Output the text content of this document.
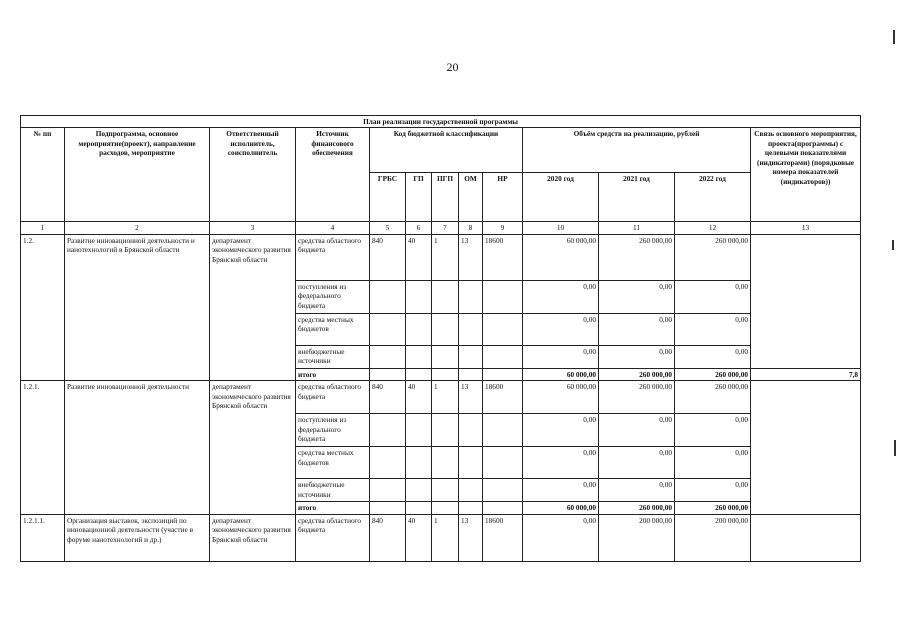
20
План реализации государственной программы												
№ пп	Подпрограмма, основное мероприятие(проект), направление расходов, мероприятие	Ответственный исполнитель, соисполнитель	Источник финансового обеспечения	Код бюджетной классификации					Объём средств на реализацию, рублей			Связь основного мероприятия, проекта(программы) с целевыми показателями (индикаторами) (порядковые номера показателей (индикаторов))
				ГРБС	ГП	ПГП	ОМ	НР	2020 год	2021 год	2022 год	
1	2	3	4	5	6	7	8	9	10	11	12	13
1.2.	Развитие инновационной деятельности и нанотехнологий в Брянской области	департамент экономического развития Брянской области	средства областного бюджета	840	40	1	13	18600	60 000,00	260 000,00	260 000,00	
			поступления из федерального бюджета						0,00	0,00	0,00	
			средства местных бюджетов						0,00	0,00	0,00	
			внебюджетные источники						0,00	0,00	0,00	
			итого						60 000,00	260 000,00	260 000,00	7,8
1.2.1.	Развитие инновационной деятельности	департамент экономического развития Брянской области	средства областного бюджета	840	40	1	13	18600	60 000,00	260 000,00	260 000,00	
			поступления из федерального бюджета						0,00	0,00	0,00	
			средства местных бюджетов						0,00	0,00	0,00	
			внебюджетные источники						0,00	0,00	0,00	
			итого						60 000,00	260 000,00	260 000,00	
1.2.1.1.	Организация выставок, экспозиций по инновационной деятельности (участие в форуме нанотехнологий и др.)	департамент экономического развития Брянской области	средства областного бюджета	840	40	1	13	18600	0,00	200 000,00	200 000,00	
